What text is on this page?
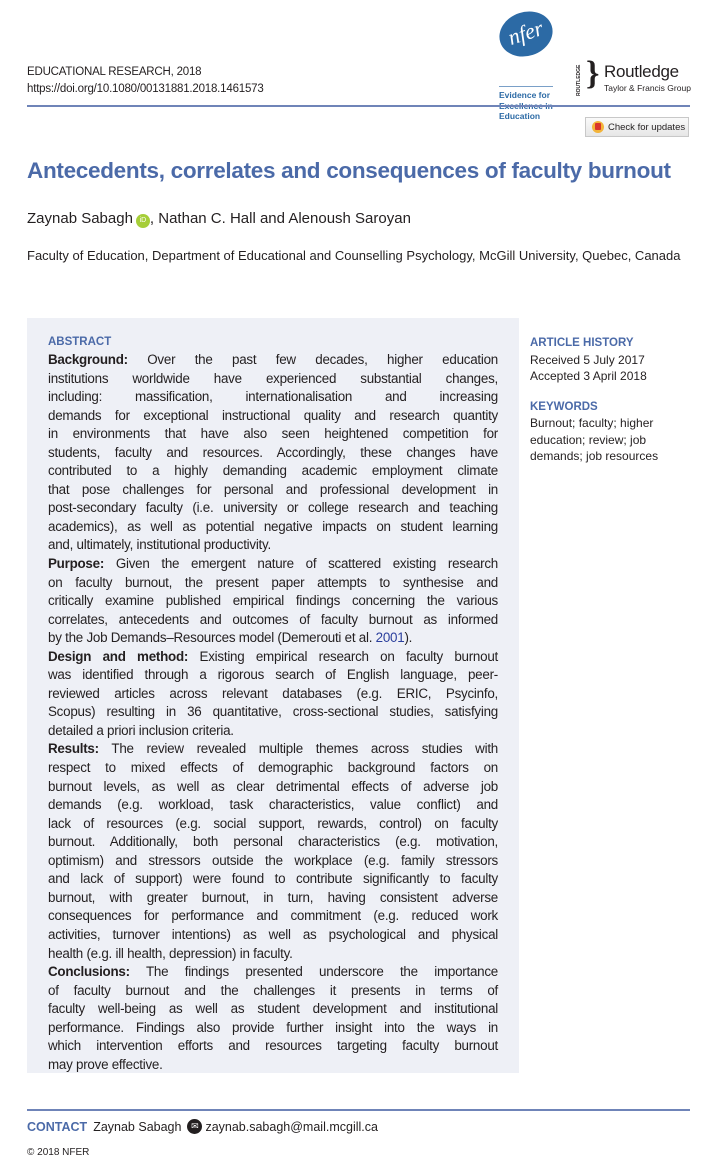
EDUCATIONAL RESEARCH, 2018
https://doi.org/10.1080/00131881.2018.1461573
nfer
Evidence for
Excellence in
Education
ROUTLEDGE } Routledge
Taylor & Francis Group
Check for updates
Antecedents, correlates and consequences of faculty burnout
Zaynab Sabagh iD , Nathan C. Hall and Alenoush Saroyan
Faculty of Education, Department of Educational and Counselling Psychology, McGill University, Quebec, Canada
ABSTRACT
Background: Over the past few decades, higher education
institutions worldwide have experienced substantial changes,
including: massification, internationalisation and increasing
demands for exceptional instructional quality and research quantity
in environments that have also seen heightened competition for
students, faculty and resources. Accordingly, these changes have
contributed to a highly demanding academic employment climate
that pose challenges for personal and professional development in
post-secondary faculty (i.e. university or college research and teaching
academics), as well as potential negative impacts on student learning
and, ultimately, institutional productivity.
Purpose: Given the emergent nature of scattered existing research
on faculty burnout, the present paper attempts to synthesise and
critically examine published empirical findings concerning the various
correlates, antecedents and outcomes of faculty burnout as informed
by the Job Demands–Resources model (Demerouti et al. 2001).
Design and method: Existing empirical research on faculty burnout
was identified through a rigorous search of English language, peer-
reviewed articles across relevant databases (e.g. ERIC, Psycinfo,
Scopus) resulting in 36 quantitative, cross-sectional studies, satisfying
detailed a priori inclusion criteria.
Results: The review revealed multiple themes across studies with
respect to mixed effects of demographic background factors on
burnout levels, as well as clear detrimental effects of adverse job
demands (e.g. workload, task characteristics, value conflict) and
lack of resources (e.g. social support, rewards, control) on faculty
burnout. Additionally, both personal characteristics (e.g. motivation,
optimism) and stressors outside the workplace (e.g. family stressors
and lack of support) were found to contribute significantly to faculty
burnout, with greater burnout, in turn, having consistent adverse
consequences for performance and commitment (e.g. reduced work
activities, turnover intentions) as well as psychological and physical
health (e.g. ill health, depression) in faculty.
Conclusions: The findings presented underscore the importance
of faculty burnout and the challenges it presents in terms of
faculty well-being as well as student development and institutional
performance. Findings also provide further insight into the ways in
which intervention efforts and resources targeting faculty burnout
may prove effective.
ARTICLE HISTORY
Received 5 July 2017
Accepted 3 April 2018
KEYWORDS
Burnout; faculty; higher education; review; job demands; job resources
CONTACT Zaynab Sabagh	✉ zaynab.sabagh@mail.mcgill.ca
© 2018 NFER
